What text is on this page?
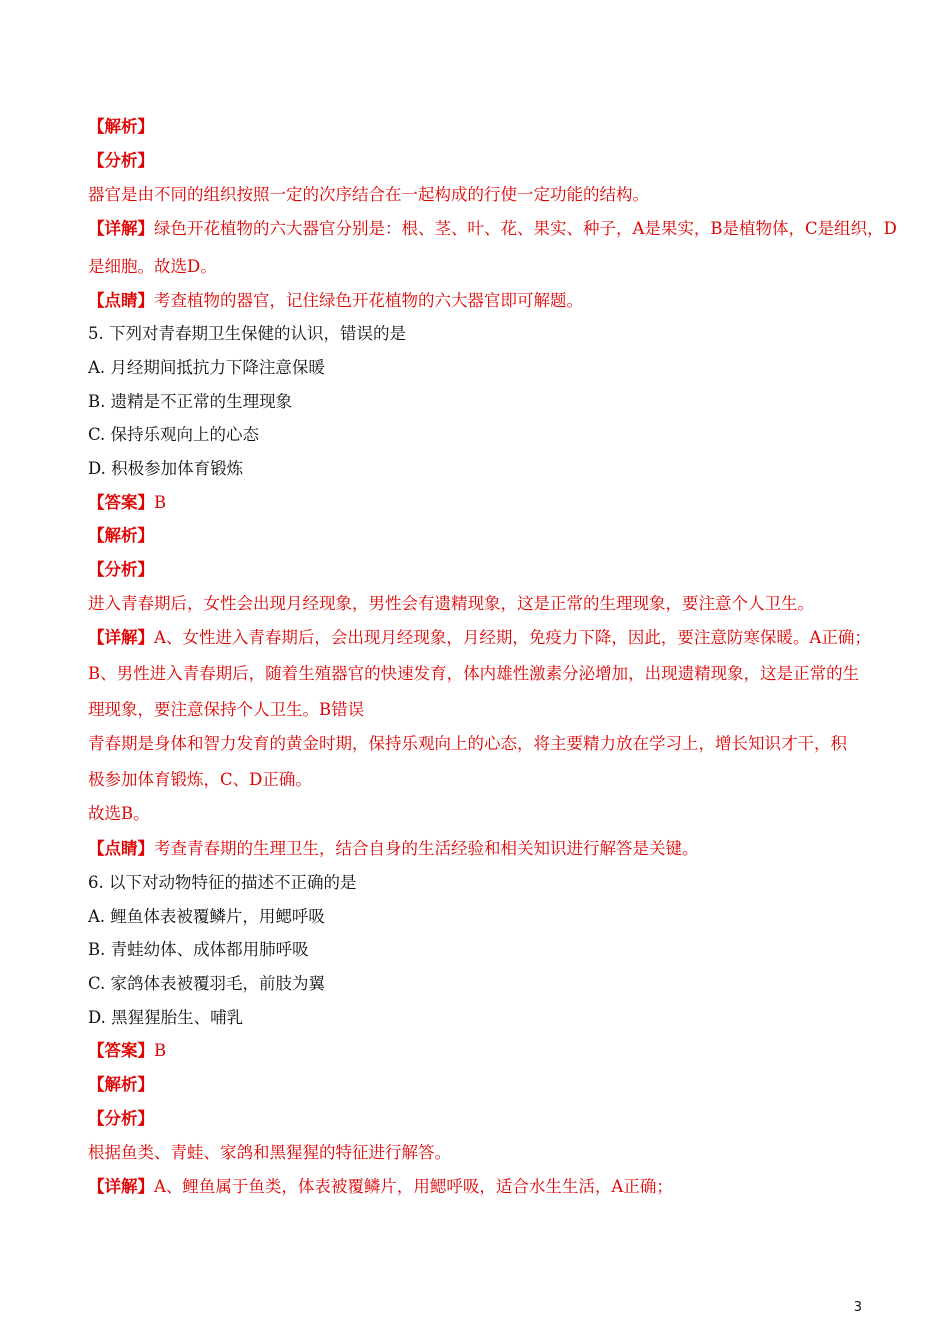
【解析】
【分析】
器官是由不同的组织按照一定的次序结合在一起构成的行使一定功能的结构。
【详解】绿色开花植物的六大器官分别是：根、茎、叶、花、果实、种子，A是果实，B是植物体，C是组织，D
是细胞。故选D。
【点睛】考查植物的器官，记住绿色开花植物的六大器官即可解题。
5. 下列对青春期卫生保健的认识，错误的是
A. 月经期间抵抗力下降注意保暖
B. 遗精是不正常的生理现象
C. 保持乐观向上的心态
D. 积极参加体育锻炼
【答案】B
【解析】
【分析】
进入青春期后，女性会出现月经现象，男性会有遗精现象，这是正常的生理现象，要注意个人卫生。
【详解】A、女性进入青春期后，会出现月经现象，月经期，免疫力下降，因此，要注意防寒保暖。A正确；
B、男性进入青春期后，随着生殖器官的快速发育，体内雄性激素分泌增加，出现遗精现象，这是正常的生
理现象，要注意保持个人卫生。B错误
青春期是身体和智力发育的黄金时期，保持乐观向上的心态，将主要精力放在学习上，增长知识才干，积
极参加体育锻炼，C、D正确。
故选B。
【点睛】考查青春期的生理卫生，结合自身的生活经验和相关知识进行解答是关键。
6. 以下对动物特征的描述不正确的是
A. 鲤鱼体表被覆鳞片，用鳃呼吸
B. 青蛙幼体、成体都用肺呼吸
C. 家鸽体表被覆羽毛，前肢为翼
D. 黑猩猩胎生、哺乳
【答案】B
【解析】
【分析】
根据鱼类、青蛙、家鸽和黑猩猩的特征进行解答。
【详解】A、鲤鱼属于鱼类，体表被覆鳞片，用鳃呼吸，适合水生生活，A正确；
3
